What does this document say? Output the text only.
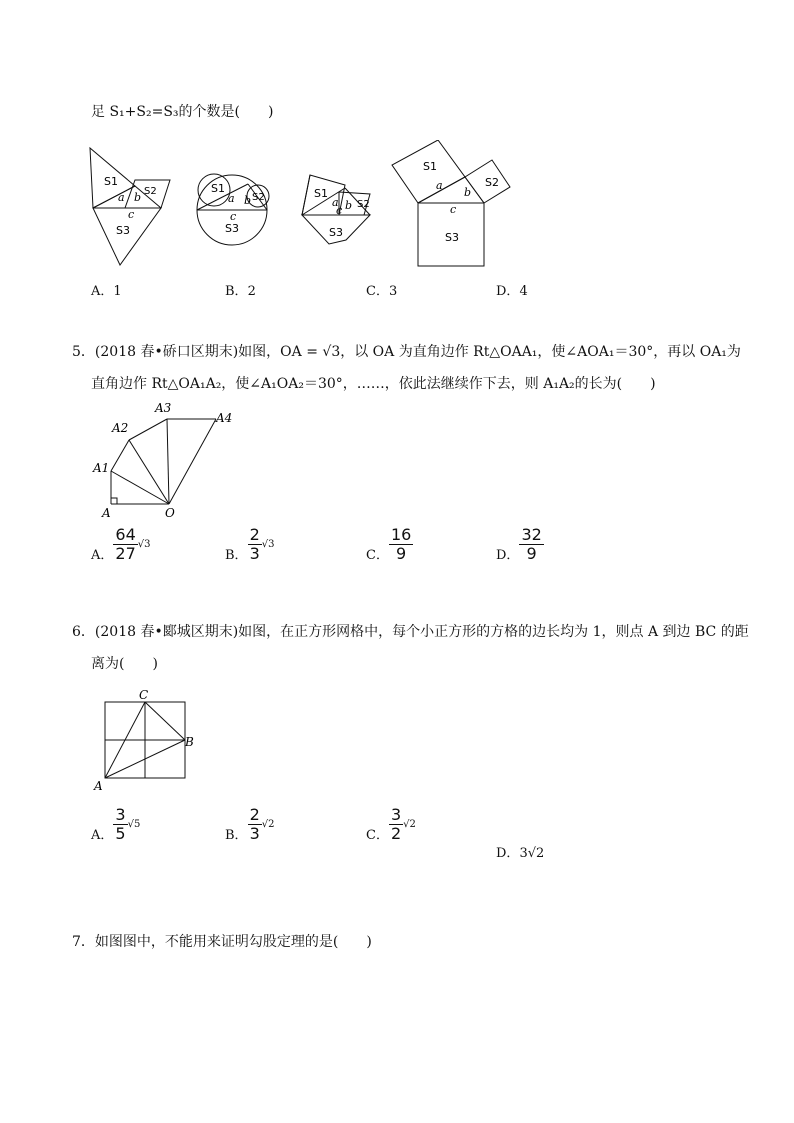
足 S₁+S₂=S₃的个数是(　　)
S1
S2
S3
a b
c
S1
S2
S3
a b
c
S1
S2
S3
a b
c
S1
S2
S3
a
b
c
A．1	B．2	C．3	D．4
5．(2018 春•硚口区期末)如图，OA = √3，以 OA 为直角边作 Rt△OAA₁，使∠AOA₁＝30°，再以 OA₁为
直角边作 Rt△OA₁A₂，使∠A₁OA₂＝30°，……，依此法继续作下去，则 A₁A₂的长为(　　)
A
A1
A2
A3
A4
O
A． $\frac{64}{27} √3$
B． $\frac{2}{3} √3$
C． $\frac{16}{9}$	D． $\frac{32}{9}$
6．(2018 春•郾城区期末)如图，在正方形网格中，每个小正方形的方格的边长均为 1，则点 A 到边 BC 的距
离为(　　)
C
B
A
A． $\frac{3}{5} √5$
B． $\frac{2}{3} √2$
C． $\frac{3}{2} √2$
D．3√2
7．如图图中，不能用来证明勾股定理的是(　　)
